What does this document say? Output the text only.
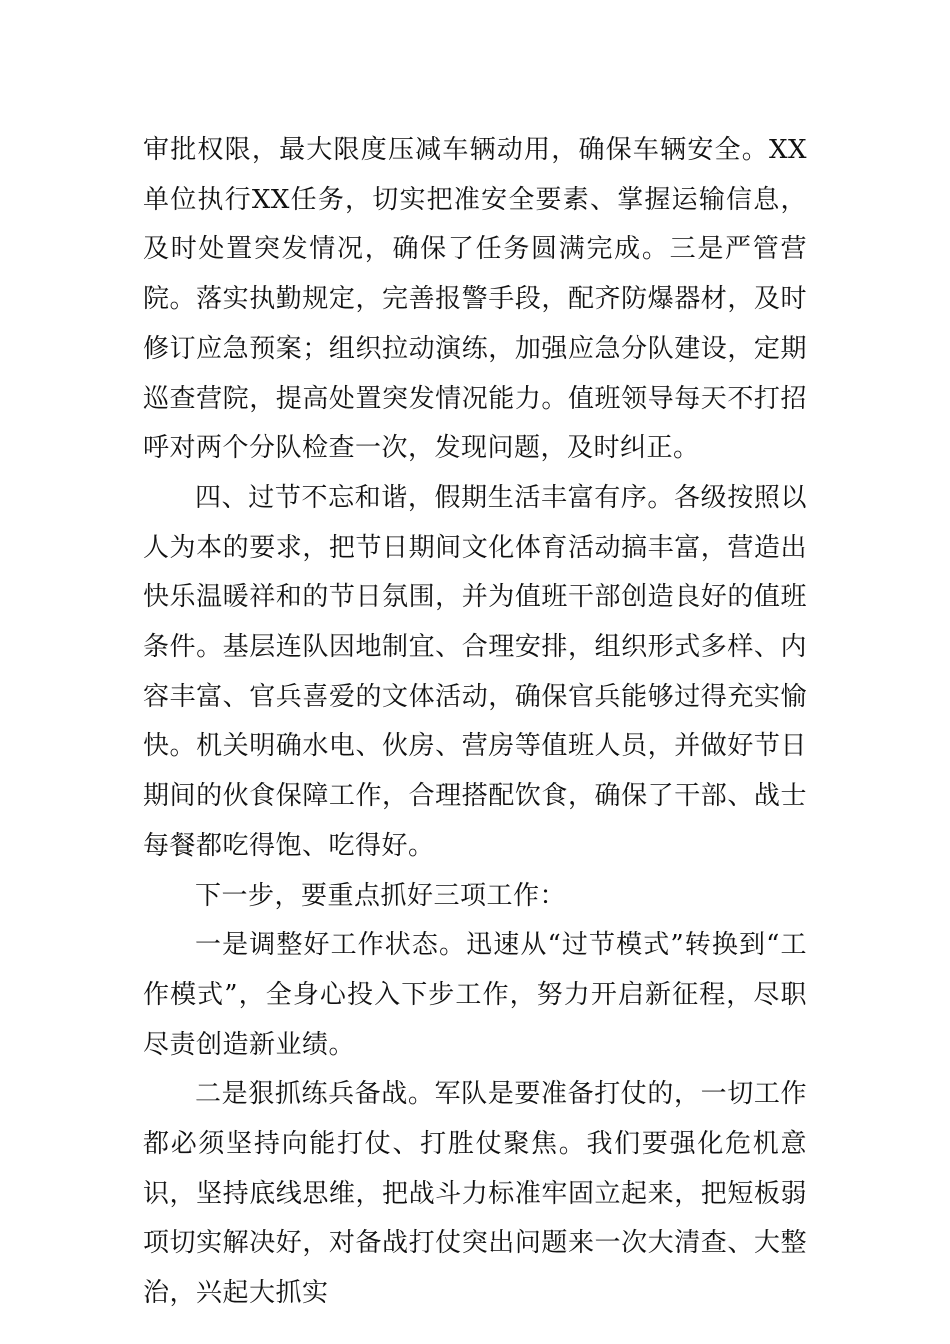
审批权限，最大限度压减车辆动用，确保车辆安全。XX单位执行XX任务，切实把准安全要素、掌握运输信息，及时处置突发情况，确保了任务圆满完成。三是严管营院。落实执勤规定，完善报警手段，配齐防爆器材，及时修订应急预案；组织拉动演练，加强应急分队建设，定期巡查营院，提高处置突发情况能力。值班领导每天不打招呼对两个分队检查一次，发现问题，及时纠正。

四、过节不忘和谐，假期生活丰富有序。各级按照以人为本的要求，把节日期间文化体育活动搞丰富，营造出快乐温暖祥和的节日氛围，并为值班干部创造良好的值班条件。基层连队因地制宜、合理安排，组织形式多样、内容丰富、官兵喜爱的文体活动，确保官兵能够过得充实愉快。机关明确水电、伙房、营房等值班人员，并做好节日期间的伙食保障工作，合理搭配饮食，确保了干部、战士每餐都吃得饱、吃得好。

下一步，要重点抓好三项工作：

一是调整好工作状态。迅速从“过节模式”转换到“工作模式”，全身心投入下步工作，努力开启新征程，尽职尽责创造新业绩。

二是狠抓练兵备战。军队是要准备打仗的，一切工作都必须坚持向能打仗、打胜仗聚焦。我们要强化危机意识，坚持底线思维，把战斗力标准牢固立起来，把短板弱项切实解决好，对备战打仗突出问题来一次大清查、大整治，兴起大抓实
